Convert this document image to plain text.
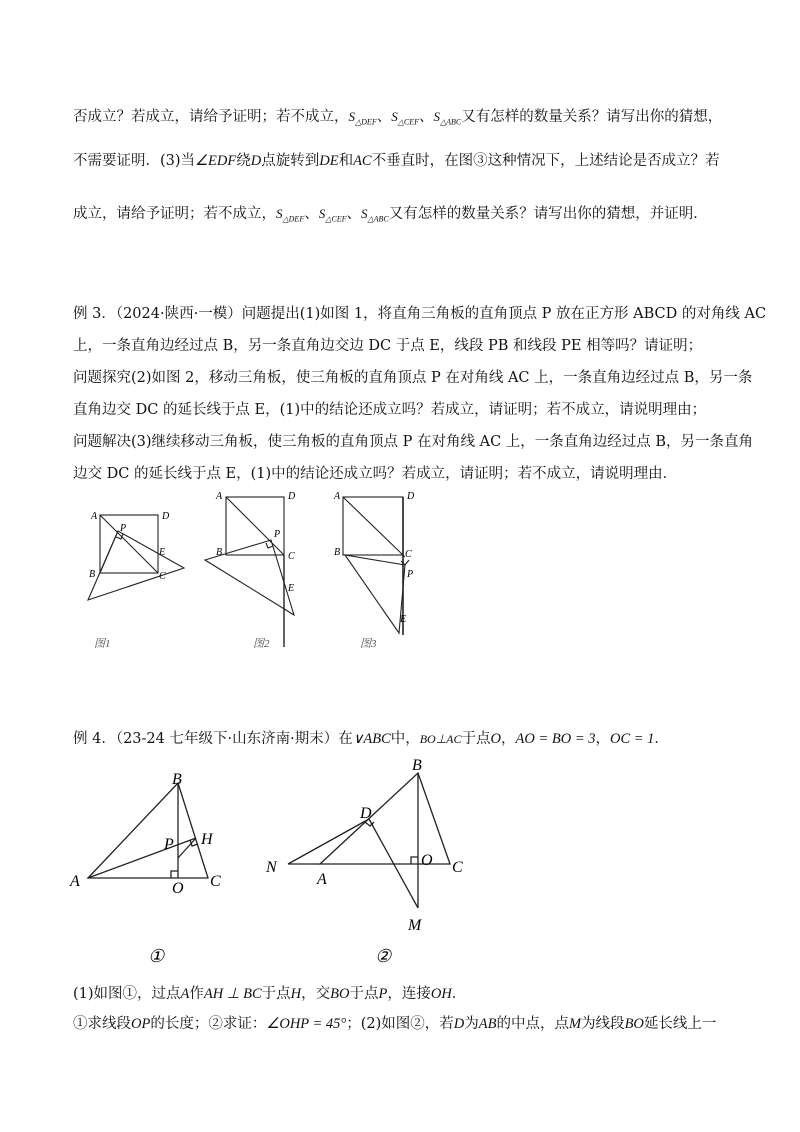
否成立？若成立，请给予证明；若不成立，$S_{\triangle DEF}$、$S_{\triangle CEF}$、$S_{\triangle ABC}$又有怎样的数量关系？请写出你的猜想，
不需要证明．(3)当∠EDF绕D点旋转到DE和AC不垂直时，在图③这种情况下，上述结论是否成立？若
成立，请给予证明；若不成立，$S_{\triangle DEF}$、$S_{\triangle CEF}$、$S_{\triangle ABC}$又有怎样的数量关系？请写出你的猜想，并证明．
例 3．（2024·陕西·一模）问题提出(1)如图 1，将直角三角板的直角顶点 P 放在正方形 ABCD 的对角线 AC
上，一条直角边经过点 B，另一条直角边交边 DC 于点 E，线段 PB 和线段 PE 相等吗？请证明；
问题探究(2)如图 2，移动三角板，使三角板的直角顶点 P 在对角线 AC 上，一条直角边经过点 B，另一条
直角边交 DC 的延长线于点 E，(1)中的结论还成立吗？若成立，请证明；若不成立，请说明理由；
问题解决(3)继续移动三角板，使三角板的直角顶点 P 在对角线 AC 上，一条直角边经过点 B，另一条直角
边交 DC 的延长线于点 E，(1)中的结论还成立吗？若成立，请证明；若不成立，请说明理由．
A	D
P
E
B	C
图1
A	D
P
B	C
E
图2
A	D
B	C
P
E
图3
例 4．（23-24 七年级下·山东济南·期末）在∨ABC中，BO⊥AC于点O，AO = BO = 3，OC = 1．
B
A	C
O
P H
①
B
D
N
A
O C
M
②
(1)如图①，过点A作AH ⊥ BC于点H，交BO于点P，连接OH．
①求线段OP的长度；②求证：∠OHP = 45°；(2)如图②，若D为AB的中点，点M为线段BO延长线上一
